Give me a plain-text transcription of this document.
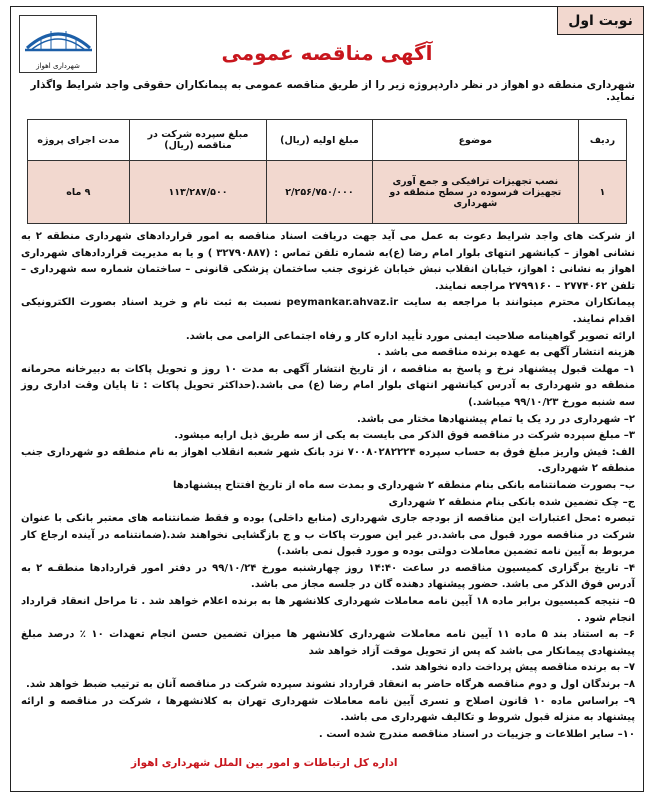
نوبت اول
شهرداری اهواز
آگهی مناقصه عمومی
شهرداری منطقه دو اهواز در نظر داردپروژه زیر را از طریق مناقصه عمومی به پیمانکاران حقوقی واجد شرایط واگذار نماید.
ردیف	موضوع	مبلغ اولیه (ریال)	مبلغ سپرده شرکت در مناقصه (ریال)	مدت اجرای پروژه
۱	نصب تجهیزات ترافیکی و جمع آوری تجهیزات فرسوده در سطح منطقه دو شهرداری	۲/۲۵۶/۷۵۰/۰۰۰	۱۱۳/۲۸۷/۵۰۰	۹ ماه

از شرکت های واجد شرایط دعوت به عمل می آید جهت دریافت اسناد مناقصه به امور قراردادهای شهرداری منطقه ۲ به نشانی اهواز – کیانشهر انتهای بلوار امام رضا (ع)به شماره تلفن تماس : (۳۲۷۹۰۸۸۷ ) و یا به مدیریت قراردادهای شهرداری اهواز به نشانی : اهواز، خیابان انقلاب نبش خیابان غزنوی جنب ساختمان پزشکی قانونی – ساختمان شماره سه شهرداری – تلفن ۲۷۷۴۰۶۲ – ۲۷۹۹۱۶۰ مراجعه نمایند.

پیمانکاران محترم میتوانند با مراجعه به سایت peymankar.ahvaz.ir نسبت به ثبت نام و خرید اسناد بصورت الکترونیکی اقدام نمایند.

ارائه تصویر گواهینامه صلاحیت ایمنی مورد تأیید اداره کار و رفاه اجتماعی الزامی می باشد.

هزینه انتشار آگهی به عهده برنده مناقصه می باشد .

۱– مهلت قبول پیشنهاد نرخ و پاسخ به مناقصه ، از تاریخ انتشار آگهی به مدت ۱۰ روز و تحویل پاکات به دبیرخانه محرمانه منطقه دو شهرداری به آدرس کیانشهر انتهای بلوار امام رضا (ع) می باشد.(حداکثر تحویل پاکات : تا پایان وقت اداری روز سه شنبه مورخ ۹۹/۱۰/۲۳ میباشد.)

۲– شهرداری در رد یک یا تمام پیشنهادها مختار می باشد.

۳– مبلغ سپرده شرکت در مناقصه فوق الذکر می بایست به یکی از سه طریق ذیل ارایه میشود.

الف: فیش واریز مبلغ فوق به حساب سپرده ۷۰۰۸۰۲۸۲۲۲۴ نزد بانک شهر شعبه انقلاب اهواز به نام منطقه دو شهرداری جنب منطقه ۲ شهرداری.

ب– بصورت ضمانتنامه بانکی بنام منطقه ۲ شهرداری و بمدت سه ماه از تاریخ افتتاح پیشنهادها

ج– چک تضمین شده بانکی بنام منطقه ۲ شهرداری

تبصره :محل اعتبارات این مناقصه از بودجه جاری شهرداری (منابع داخلی) بوده و فقط ضمانتنامه های معتبر بانکی با عنوان شرکت در مناقصه مورد قبول می باشد.در غیر این صورت پاکات ب و ج بازگشایی نخواهند شد.(ضمانتنامه در آینده ارجاع کار مربوط به آیین نامه تضمین معاملات دولتی بوده و مورد قبول نمی باشد.)

۴– تاریخ برگزاری کمیسیون مناقصه در ساعت ۱۴:۴۰ روز چهارشنبه مورخ ۹۹/۱۰/۲۴ در دفتر امور قراردادها منطقـه ۲ به آدرس فوق الذکر می باشد. حضور پیشنهاد دهنده گان در جلسه مجاز می باشد.

۵– نتیجه کمیسیون برابر ماده ۱۸ آیین نامه معاملات شهرداری کلانشهر ها به برنده اعلام خواهد شد . تا مراحل انعقاد قرارداد انجام شود .

۶– به استناد بند ۵ ماده ۱۱ آیین نامه معاملات شهرداری کلانشهر ها میزان تضمین حسن انجام تعهدات ۱۰ ٪ درصد مبلغ پیشنهادی پیمانکار می باشد که پس از تحویل موقت آزاد خواهد شد

۷– به برنده مناقصه پیش پرداخت داده نخواهد شد.

۸– برندگان اول و دوم مناقصه هرگاه حاضر به انعقاد قرارداد نشوند سپرده شرکت در مناقصه آنان به ترتیب ضبط خواهد شد.

۹– براساس ماده ۱۰ قانون اصلاح و تسری آیین نامه معاملات شهرداری تهران به کلانشهرها ، شرکت در مناقصه و ارائه پیشنهاد به منزله قبول شروط و تکالیف شهرداری می باشد.

۱۰– سایر اطلاعات و جزییات در اسناد مناقصه مندرج شده است .

اداره کل ارتباطات و امور بین الملل شهرداری اهواز
